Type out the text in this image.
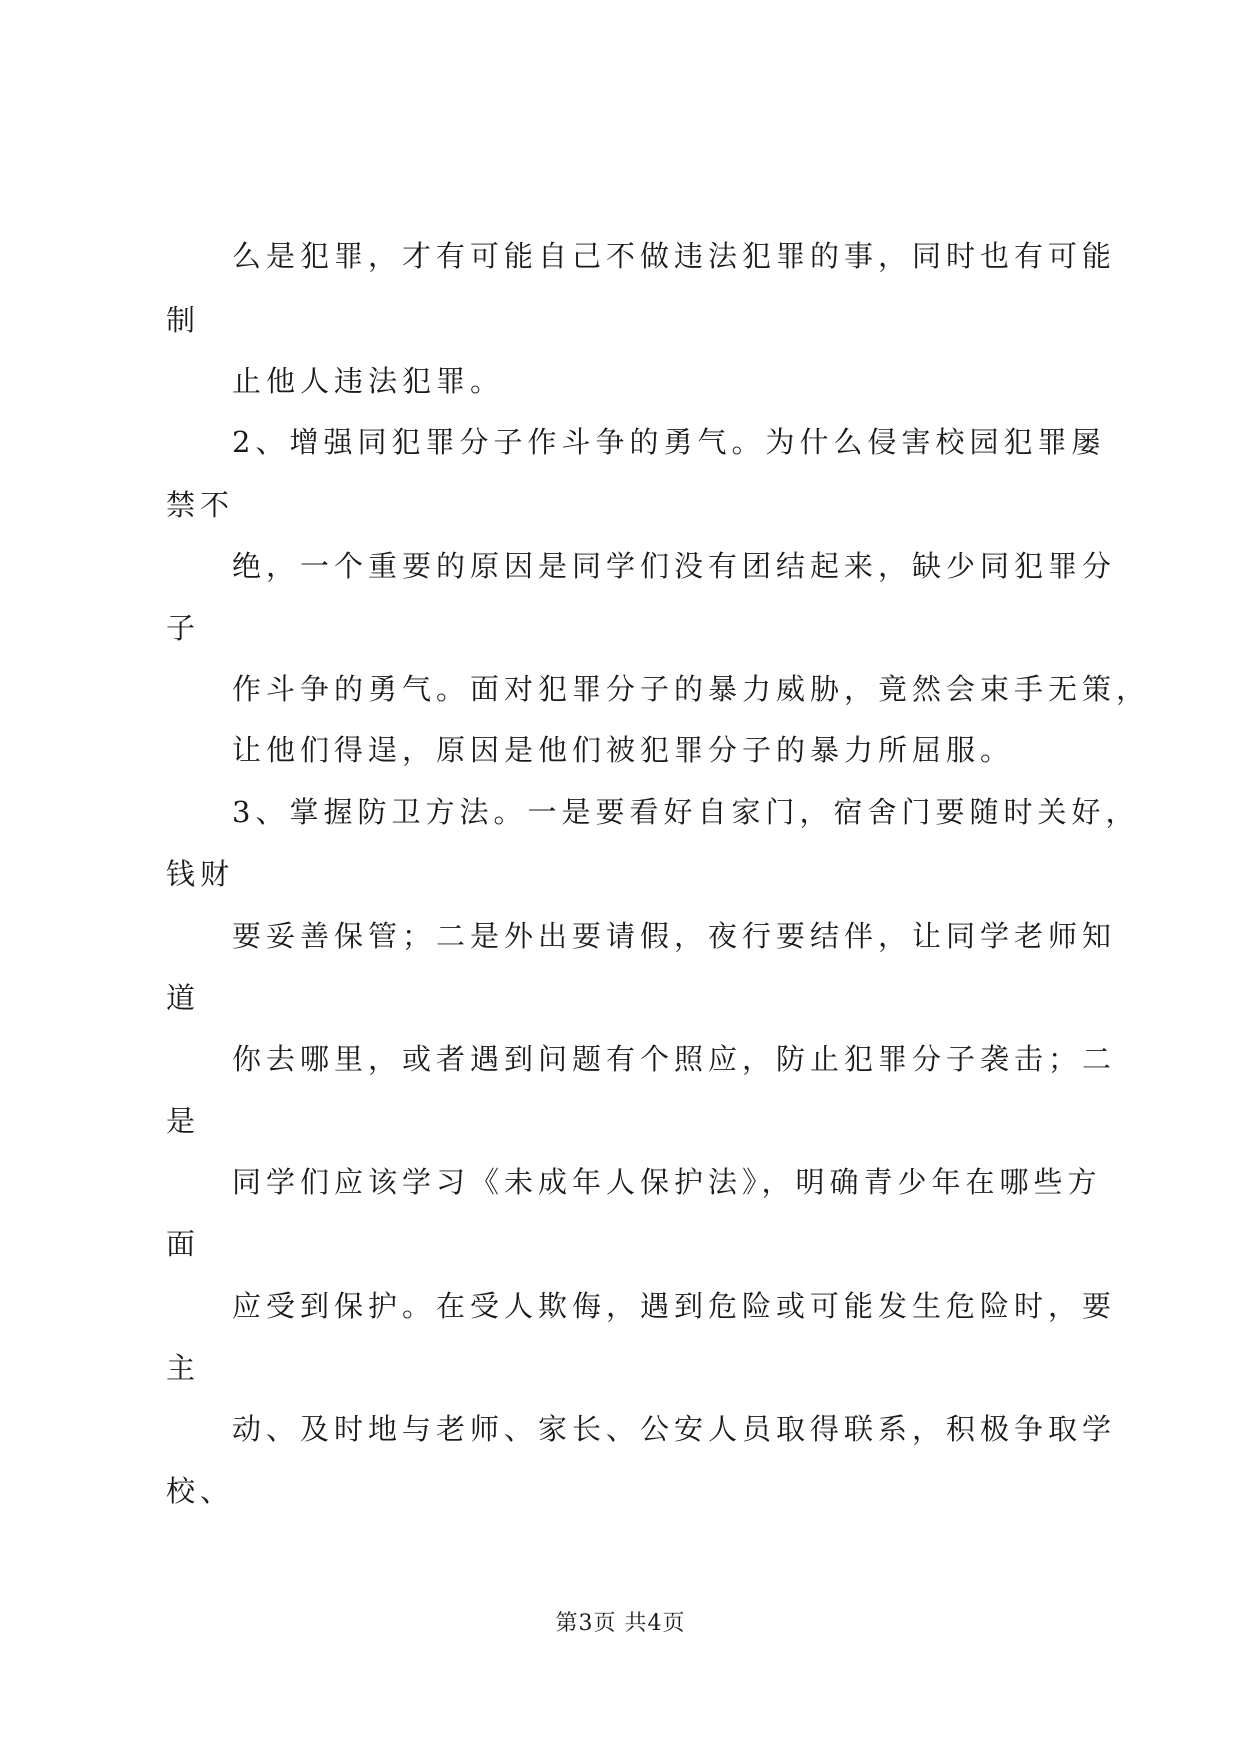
么是犯罪，才有可能自己不做违法犯罪的事，同时也有可能
制
止他人违法犯罪。
2、增强同犯罪分子作斗争的勇气。为什么侵害校园犯罪屡
禁不
绝，一个重要的原因是同学们没有团结起来，缺少同犯罪分
子
作斗争的勇气。面对犯罪分子的暴力威胁，竟然会束手无策，
让他们得逞，原因是他们被犯罪分子的暴力所屈服。
3、掌握防卫方法。一是要看好自家门，宿舍门要随时关好，
钱财
要妥善保管；二是外出要请假，夜行要结伴，让同学老师知
道
你去哪里，或者遇到问题有个照应，防止犯罪分子袭击；二
是
同学们应该学习《未成年人保护法》，明确青少年在哪些方
面
应受到保护。在受人欺侮，遇到危险或可能发生危险时，要
主
动、及时地与老师、家长、公安人员取得联系，积极争取学
校、
第3页 共4页
